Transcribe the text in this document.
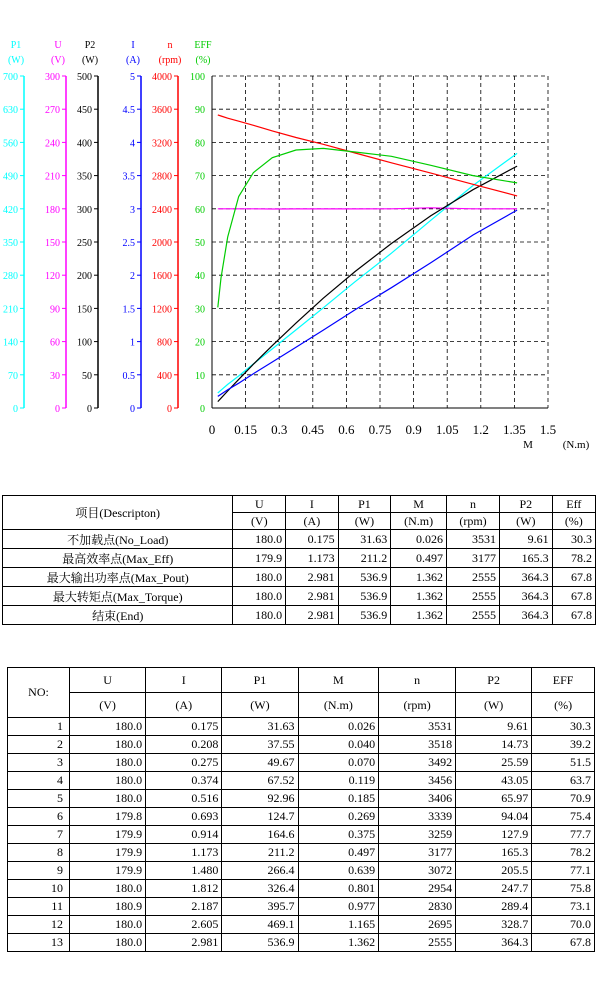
P1
(W)
0
70
140
210
280
350
420
490
560
630
700
U
(V)
0
30
60
90
120
150
180
210
240
270
300
P2
(W)
0
50
100
150
200
250
300
350
400
450
500
I
(A)
0
0.5
1
1.5
2
2.5
3
3.5
4
4.5
5
n
(rpm)
0
400
800
1200
1600
2000
2400
2800
3200
3600
4000
EFF
(%)
0
10
20
30
40
50
60
70
80
90
100
0 0.15 0.3 0.45 0.6 0.75 0.9 1.05 1.2 1.35 1.5
M	(N.m)
项目(Descripton)	U	I	P1	M	n	P2	Eff
	(V)	(A)	(W)	(N.m)	(rpm)	(W)	(%)
不加载点(No_Load)	180.0	0.175	31.63	0.026	3531	9.61	30.3
最高效率点(Max_Eff)	179.9	1.173	211.2	0.497	3177	165.3	78.2
最大输出功率点(Max_Pout)	180.0	2.981	536.9	1.362	2555	364.3	67.8
最大转矩点(Max_Torque)	180.0	2.981	536.9	1.362	2555	364.3	67.8
结束(End)	180.0	2.981	536.9	1.362	2555	364.3	67.8
NO:	U	I	P1	M	n	P2	EFF
	(V)	(A)	(W)	(N.m)	(rpm)	(W)	(%)
1	180.0	0.175	31.63	0.026	3531	9.61	30.3
2	180.0	0.208	37.55	0.040	3518	14.73	39.2
3	180.0	0.275	49.67	0.070	3492	25.59	51.5
4	180.0	0.374	67.52	0.119	3456	43.05	63.7
5	180.0	0.516	92.96	0.185	3406	65.97	70.9
6	179.8	0.693	124.7	0.269	3339	94.04	75.4
7	179.9	0.914	164.6	0.375	3259	127.9	77.7
8	179.9	1.173	211.2	0.497	3177	165.3	78.2
9	179.9	1.480	266.4	0.639	3072	205.5	77.1
10	180.0	1.812	326.4	0.801	2954	247.7	75.8
11	180.9	2.187	395.7	0.977	2830	289.4	73.1
12	180.0	2.605	469.1	1.165	2695	328.7	70.0
13	180.0	2.981	536.9	1.362	2555	364.3	67.8
